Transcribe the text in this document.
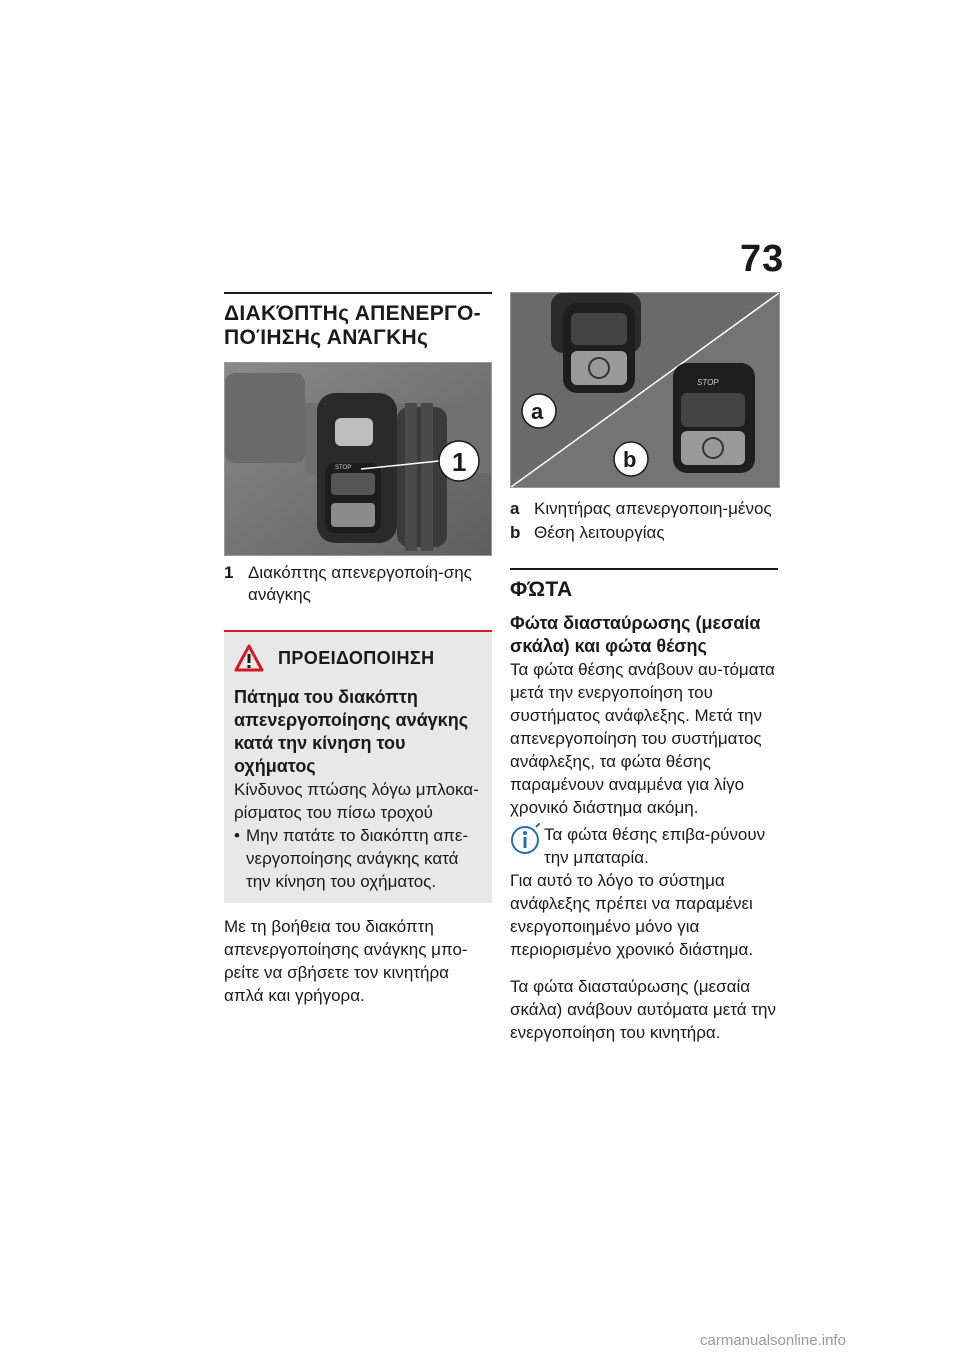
73
ΔΙΑΚΌΠΤΗς ΑΠΕΝΕΡΓΟ-ΠΟΊΗΣΗς ΑΝΆΓΚΗς
STOP	1
1 Διακόπτης απενεργοποίη-σης ανάγκης
ΠΡΟΕΙΔΟΠΟΙΗΣΗ
Πάτημα του διακόπτη απενεργοποίησης ανάγκης κατά την κίνηση του οχήματος
Κίνδυνος πτώσης λόγω μπλοκα-ρίσματος του πίσω τροχού
• Μην πατάτε το διακόπτη απε-νεργοποίησης ανάγκης κατά την κίνηση του οχήματος.
Με τη βοήθεια του διακόπτη απενεργοποίησης ανάγκης μπο-ρείτε να σβήσετε τον κινητήρα απλά και γρήγορα.
STOP
a
b
a Κινητήρας απενεργοποιη-μένος
b Θέση λειτουργίας
ΦΏΤΑ
Φώτα διασταύρωσης (μεσαία σκάλα) και φώτα θέσης
Τα φώτα θέσης ανάβουν αυ-τόματα μετά την ενεργοποίηση του συστήματος ανάφλεξης. Μετά την απενεργοποίηση του συστήματος ανάφλεξης, τα φώτα θέσης παραμένουν αναμμένα για λίγο χρονικό διάστημα ακόμη.
Τα φώτα θέσης επιβα-ρύνουν την μπαταρία.
Για αυτό το λόγο το σύστημα ανάφλεξης πρέπει να παραμένει ενεργοποιημένο μόνο για περιορισμένο χρονικό διάστημα.
Τα φώτα διασταύρωσης (μεσαία σκάλα) ανάβουν αυτόματα μετά την ενεργοποίηση του κινητήρα.
carmanualsonline.info
